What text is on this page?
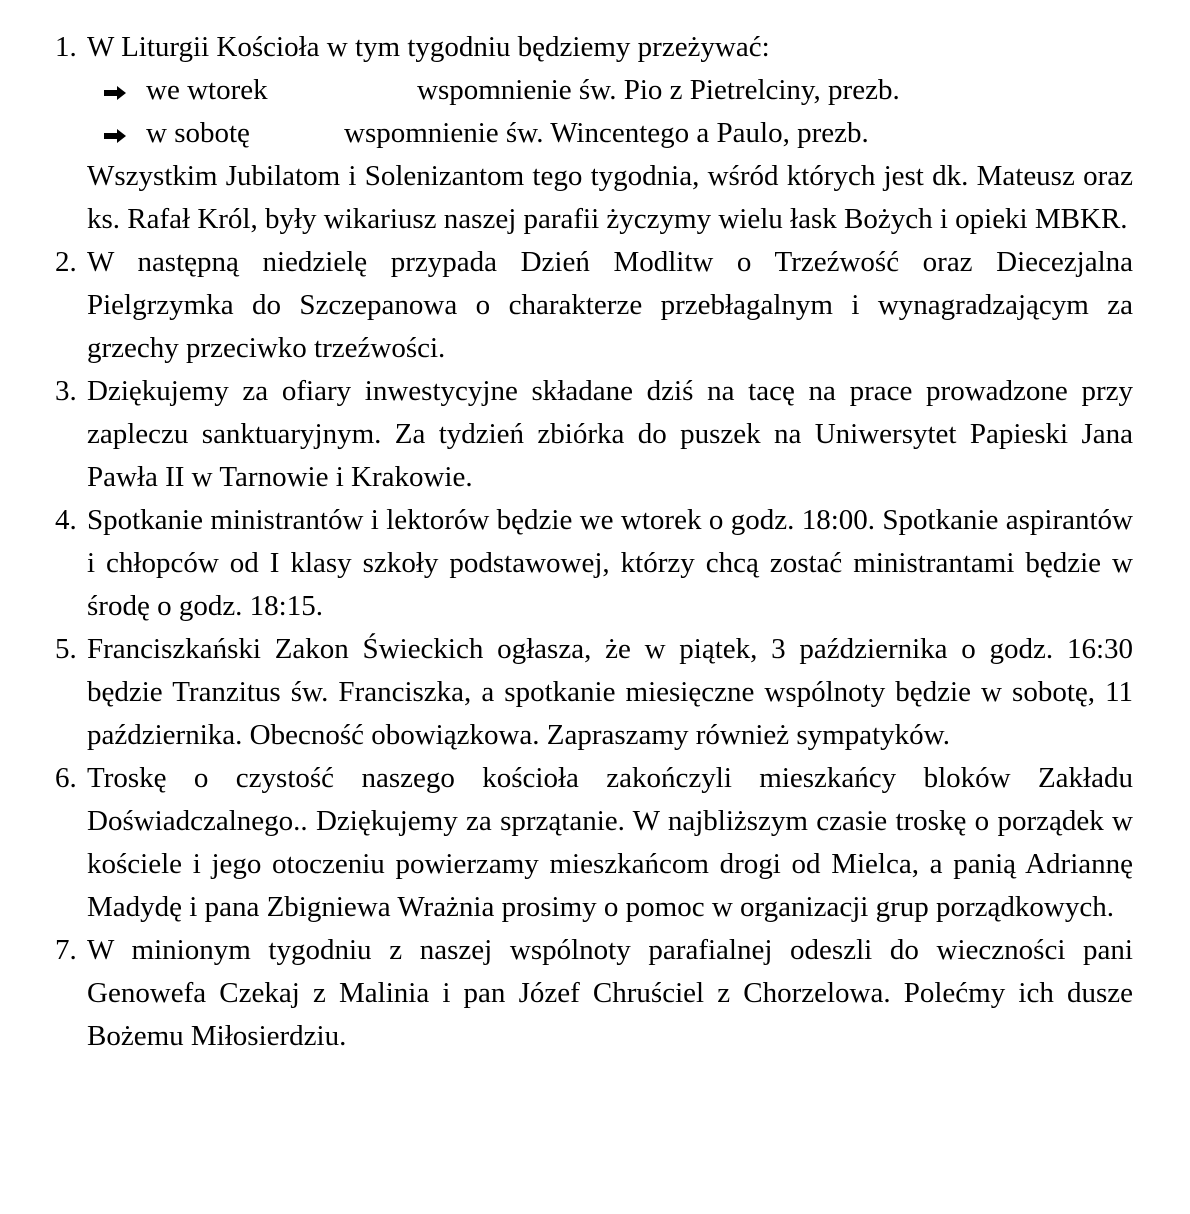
1. W Liturgii Kościoła w tym tygodniu będziemy przeżywać:

we wtorek	wspomnienie św. Pio z Pietrelciny, prezb.
w sobotę	wspomnienie św. Wincentego a Paulo, prezb.

Wszystkim Jubilatom i Solenizantom tego tygodnia, wśród których jest dk. Mateusz oraz ks. Rafał Król, były wikariusz naszej parafii życzymy wielu łask Bożych i opieki MBKR.

2. W następną niedzielę przypada Dzień Modlitw o Trzeźwość oraz Diecezjalna Pielgrzymka do Szczepanowa o charakterze przebłagalnym i wynagradzającym za grzechy przeciwko trzeźwości.

3. Dziękujemy za ofiary inwestycyjne składane dziś na tacę na prace prowadzone przy zapleczu sanktuaryjnym. Za tydzień zbiórka do puszek na Uniwersytet Papieski Jana Pawła II w Tarnowie i Krakowie.

4. Spotkanie ministrantów i lektorów będzie we wtorek o godz. 18:00. Spotkanie aspirantów i chłopców od I klasy szkoły podstawowej, którzy chcą zostać ministrantami będzie w środę o godz. 18:15.

5. Franciszkański Zakon Świeckich ogłasza, że w piątek, 3 października o godz. 16:30 będzie Tranzitus św. Franciszka, a spotkanie miesięczne wspólnoty będzie w sobotę, 11 października. Obecność obowiązkowa. Zapraszamy również sympatyków.

6. Troskę o czystość naszego kościoła zakończyli mieszkańcy bloków Zakładu Doświadczalnego.. Dziękujemy za sprzątanie. W najbliższym czasie troskę o porządek w kościele i jego otoczeniu powierzamy mieszkańcom drogi od Mielca, a panią Adriannę Madydę i pana Zbigniewa Wrażnia prosimy o pomoc w organizacji grup porządkowych.

7. W minionym tygodniu z naszej wspólnoty parafialnej odeszli do wieczności pani Genowefa Czekaj z Malinia i pan Józef Chruściel z Chorzelowa. Polećmy ich dusze Bożemu Miłosierdziu.
